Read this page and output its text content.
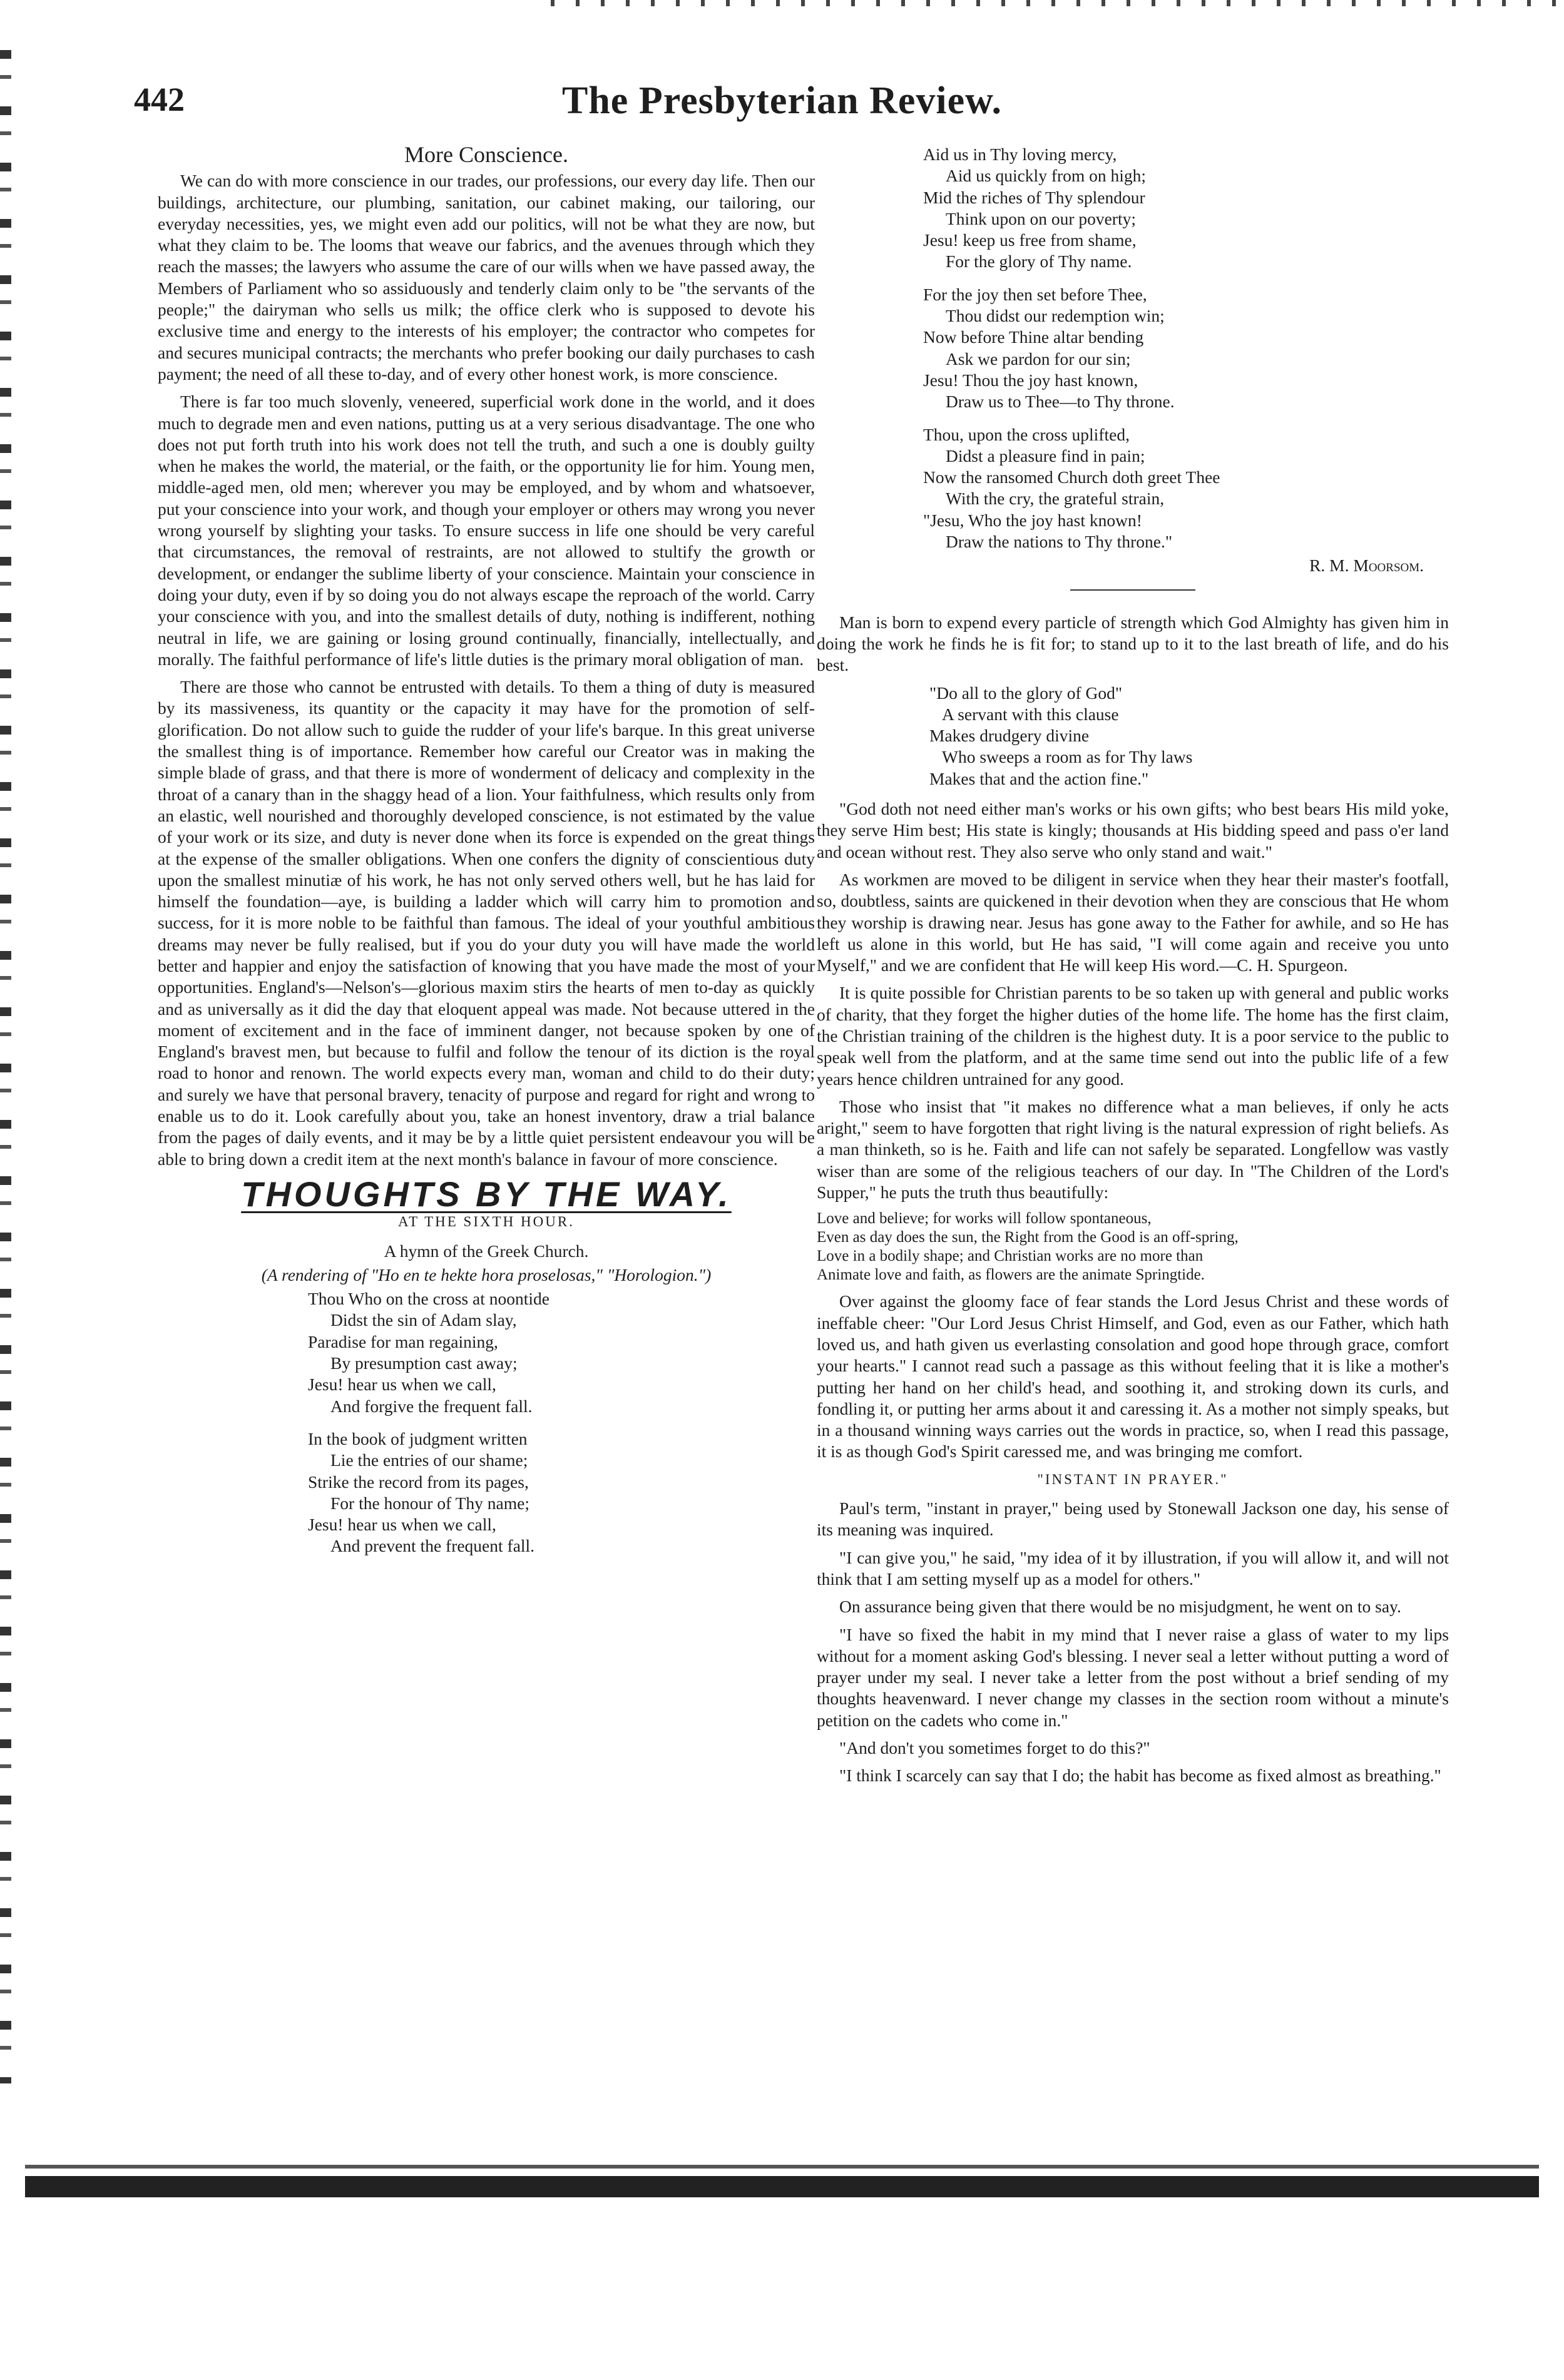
442	The Presbyterian Review.
More Conscience.

We can do with more conscience in our trades, our professions, our every day life. Then our buildings, architecture, our plumbing, sanitation, our cabinet making, our tailoring, our everyday necessities, yes, we might even add our politics, will not be what they are now, but what they claim to be. The looms that weave our fabrics, and the avenues through which they reach the masses; the lawyers who assume the care of our wills when we have passed away, the Members of Parliament who so assiduously and tenderly claim only to be "the servants of the people;" the dairyman who sells us milk; the office clerk who is supposed to devote his exclusive time and energy to the interests of his employer; the contractor who competes for and secures municipal contracts; the merchants who prefer booking our daily purchases to cash payment; the need of all these to-day, and of every other honest work, is more conscience.

There is far too much slovenly, veneered, superficial work done in the world, and it does much to degrade men and even nations, putting us at a very serious disadvantage. The one who does not put forth truth into his work does not tell the truth, and such a one is doubly guilty when he makes the world, the material, or the faith, or the opportunity lie for him. Young men, middle-aged men, old men; wherever you may be employed, and by whom and whatsoever, put your conscience into your work, and though your employer or others may wrong you never wrong yourself by slighting your tasks. To ensure success in life one should be very careful that circumstances, the removal of restraints, are not allowed to stultify the growth or development, or endanger the sublime liberty of your conscience. Maintain your conscience in doing your duty, even if by so doing you do not always escape the reproach of the world. Carry your conscience with you, and into the smallest details of duty, nothing is indifferent, nothing neutral in life, we are gaining or losing ground continually, financially, intellectually, and morally. The faithful performance of life's little duties is the primary moral obligation of man.

There are those who cannot be entrusted with details. To them a thing of duty is measured by its massiveness, its quantity or the capacity it may have for the promotion of self-glorification. Do not allow such to guide the rudder of your life's barque. In this great universe the smallest thing is of importance. Remember how careful our Creator was in making the simple blade of grass, and that there is more of wonderment of delicacy and complexity in the throat of a canary than in the shaggy head of a lion. Your faithfulness, which results only from an elastic, well nourished and thoroughly developed conscience, is not estimated by the value of your work or its size, and duty is never done when its force is expended on the great things at the expense of the smaller obligations. When one confers the dignity of conscientious duty upon the smallest minutiæ of his work, he has not only served others well, but he has laid for himself the foundation—aye, is building a ladder which will carry him to promotion and success, for it is more noble to be faithful than famous. The ideal of your youthful ambitious dreams may never be fully realised, but if you do your duty you will have made the world better and happier and enjoy the satisfaction of knowing that you have made the most of your opportunities. England's—Nelson's—glorious maxim stirs the hearts of men to-day as quickly and as universally as it did the day that eloquent appeal was made. Not because uttered in the moment of excitement and in the face of imminent danger, not because spoken by one of England's bravest men, but because to fulfil and follow the tenour of its diction is the royal road to honor and renown. The world expects every man, woman and child to do their duty; and surely we have that personal bravery, tenacity of purpose and regard for right and wrong to enable us to do it. Look carefully about you, take an honest inventory, draw a trial balance from the pages of daily events, and it may be by a little quiet persistent endeavour you will be able to bring down a credit item at the next month's balance in favour of more conscience.

THOUGHTS BY THE WAY.
AT THE SIXTH HOUR.
A hymn of the Greek Church.
(A rendering of "Ho en te hekte hora proselosas," "Horologion.")
Thou Who on the cross at noontide
Didst the sin of Adam slay,
Paradise for man regaining,
By presumption cast away;
Jesu! hear us when we call,
And forgive the frequent fall.
In the book of judgment written
Lie the entries of our shame;
Strike the record from its pages,
For the honour of Thy name;
Jesu! hear us when we call,
And prevent the frequent fall.
Aid us in Thy loving mercy,
Aid us quickly from on high;
Mid the riches of Thy splendour
Think upon on our poverty;
Jesu! keep us free from shame,
For the glory of Thy name.
For the joy then set before Thee,
Thou didst our redemption win;
Now before Thine altar bending
Ask we pardon for our sin;
Jesu! Thou the joy hast known,
Draw us to Thee—to Thy throne.
Thou, upon the cross uplifted,
Didst a pleasure find in pain;
Now the ransomed Church doth greet Thee
With the cry, the grateful strain,
"Jesu, Who the joy hast known!
Draw the nations to Thy throne."
R. M. Moorsom.

Man is born to expend every particle of strength which God Almighty has given him in doing the work he finds he is fit for; to stand up to it to the last breath of life, and do his best.

"Do all to the glory of God"
A servant with this clause
Makes drudgery divine
Who sweeps a room as for Thy laws
Makes that and the action fine."

"God doth not need either man's works or his own gifts; who best bears His mild yoke, they serve Him best; His state is kingly; thousands at His bidding speed and pass o'er land and ocean without rest. They also serve who only stand and wait."

As workmen are moved to be diligent in service when they hear their master's footfall, so, doubtless, saints are quickened in their devotion when they are conscious that He whom they worship is drawing near. Jesus has gone away to the Father for awhile, and so He has left us alone in this world, but He has said, "I will come again and receive you unto Myself," and we are confident that He will keep His word.—C. H. Spurgeon.

It is quite possible for Christian parents to be so taken up with general and public works of charity, that they forget the higher duties of the home life. The home has the first claim, the Christian training of the children is the highest duty. It is a poor service to the public to speak well from the platform, and at the same time send out into the public life of a few years hence children untrained for any good.

Those who insist that "it makes no difference what a man believes, if only he acts aright," seem to have forgotten that right living is the natural expression of right beliefs. As a man thinketh, so is he. Faith and life can not safely be separated. Longfellow was vastly wiser than are some of the religious teachers of our day. In "The Children of the Lord's Supper," he puts the truth thus beautifully:

Love and believe; for works will follow spontaneous,
Even as day does the sun, the Right from the Good is an off-spring,
Love in a bodily shape; and Christian works are no more than
Animate love and faith, as flowers are the animate Springtide.

Over against the gloomy face of fear stands the Lord Jesus Christ and these words of ineffable cheer: "Our Lord Jesus Christ Himself, and God, even as our Father, which hath loved us, and hath given us everlasting consolation and good hope through grace, comfort your hearts." I cannot read such a passage as this without feeling that it is like a mother's putting her hand on her child's head, and soothing it, and stroking down its curls, and fondling it, or putting her arms about it and caressing it. As a mother not simply speaks, but in a thousand winning ways carries out the words in practice, so, when I read this passage, it is as though God's Spirit caressed me, and was bringing me comfort.

"INSTANT IN PRAYER."

Paul's term, "instant in prayer," being used by Stonewall Jackson one day, his sense of its meaning was inquired.

"I can give you," he said, "my idea of it by illustration, if you will allow it, and will not think that I am setting myself up as a model for others."

On assurance being given that there would be no misjudgment, he went on to say.

"I have so fixed the habit in my mind that I never raise a glass of water to my lips without for a moment asking God's blessing. I never seal a letter without putting a word of prayer under my seal. I never take a letter from the post without a brief sending of my thoughts heavenward. I never change my classes in the section room without a minute's petition on the cadets who come in."

"And don't you sometimes forget to do this?"

"I think I scarcely can say that I do; the habit has become as fixed almost as breathing."
